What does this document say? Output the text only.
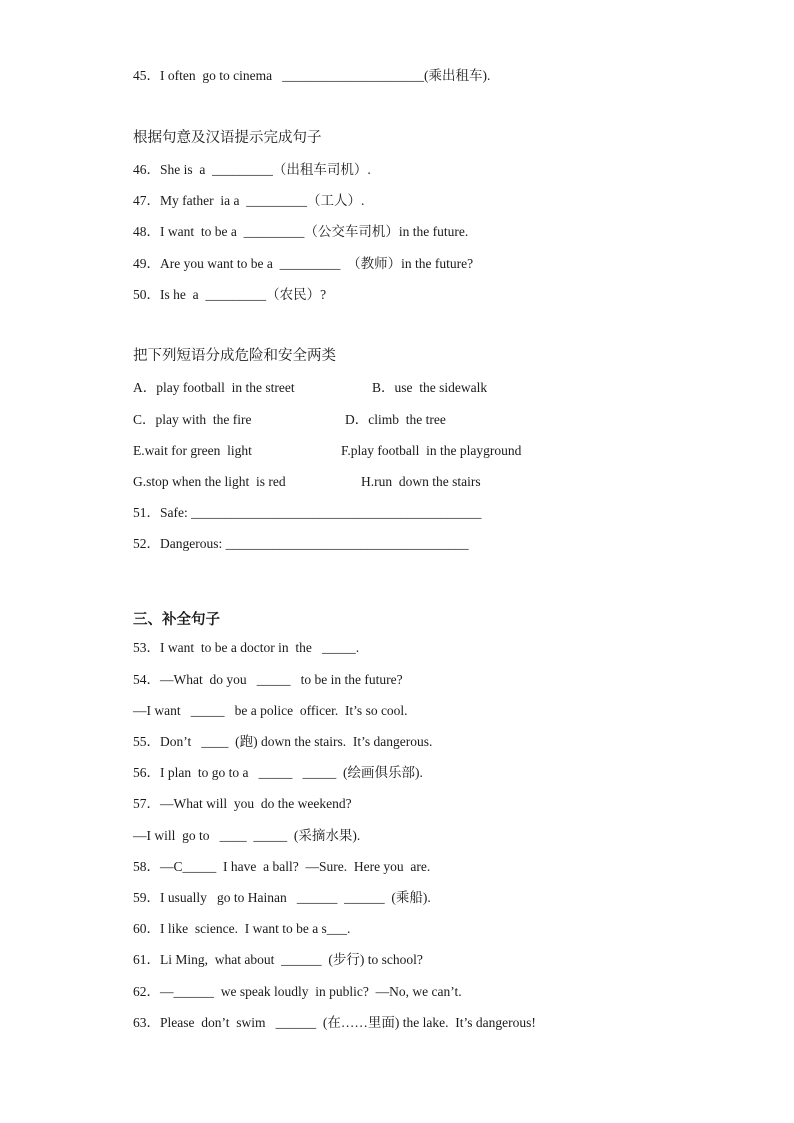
45．I often  go to cinema   _____________________(乘出租车).
根据句意及汉语提示完成句子
46．She is  a  _________（出租车司机）.
47．My father  ia a  _________（工人）.
48．I want  to be a  _________（公交车司机）in the future.
49．Are you want to be a  _________  （教师）in the future?
50．Is he  a  _________（农民）?
把下列短语分成危险和安全两类
A．play football  in the street	B．use  the sidewalk
C．play with  the fire	D．climb  the tree
E.wait for green  light	F.play football  in the playground
G.stop when the light  is red	H.run  down the stairs
51．Safe: ___________________________________________
52．Dangerous: ____________________________________
三、补全句子
53．I want  to be a doctor in  the   _____.
54．—What  do you   _____   to be in the future?
—I want   _____   be a police  officer.  It’s so cool.
55．Don’t   ____  (跑) down the stairs.  It’s dangerous.
56．I plan  to go to a   _____   _____  (绘画俱乐部).
57．—What will  you  do the weekend?
—I will  go to   ____  _____  (采摘水果).
58．—C_____  I have  a ball?  —Sure.  Here you  are.
59．I usually   go to Hainan   ______  ______  (乘船).
60．I like  science.  I want to be a s___.
61．Li Ming,  what about  ______  (步行) to school?
62．—______  we speak loudly  in public?  —No, we can’t.
63．Please  don’t  swim   ______  (在……里面) the lake.  It’s dangerous!
